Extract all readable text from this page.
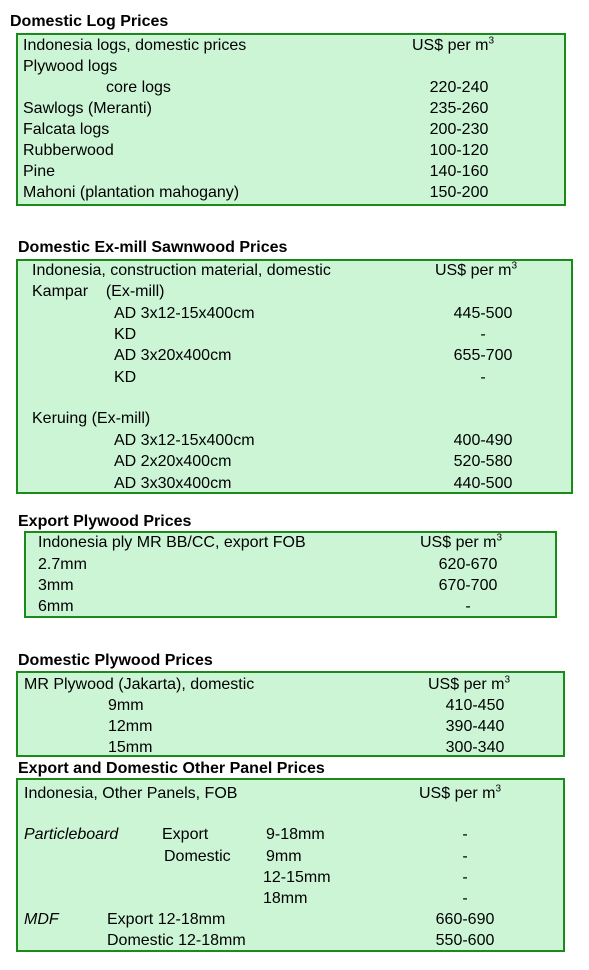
Domestic Log Prices
Indonesia logs, domestic prices	US$ per $m^3$
Plywood logs
core logs	220-240
Sawlogs (Meranti)	235-260
Falcata logs	200-230
Rubberwood	100-120
Pine	140-160
Mahoni (plantation mahogany)	150-200
Domestic Ex-mill Sawnwood Prices
Indonesia, construction material, domestic	US$ per $m^3$
Kampar (Ex-mill)
AD 3x12-15x400cm	445-500
KD	-
AD 3x20x400cm	655-700
KD	-
Keruing (Ex-mill)
AD 3x12-15x400cm	400-490
AD 2x20x400cm	520-580
AD 3x30x400cm	440-500
Export Plywood Prices
Indonesia ply MR BB/CC, export FOB	US$ per $m^3$
2.7mm	620-670
3mm	670-700
6mm	-
Domestic Plywood Prices
MR Plywood (Jakarta), domestic	US$ per $m^3$
9mm	410-450
12mm	390-440
15mm	300-340
Export and Domestic Other Panel Prices
Indonesia, Other Panels, FOB	US$ per $m^3$
Particleboard	Export	9-18mm	-
Domestic 9mm	-
12-15mm	-
18mm	-
MDF	Export 12-18mm	660-690
Domestic 12-18mm	550-600
